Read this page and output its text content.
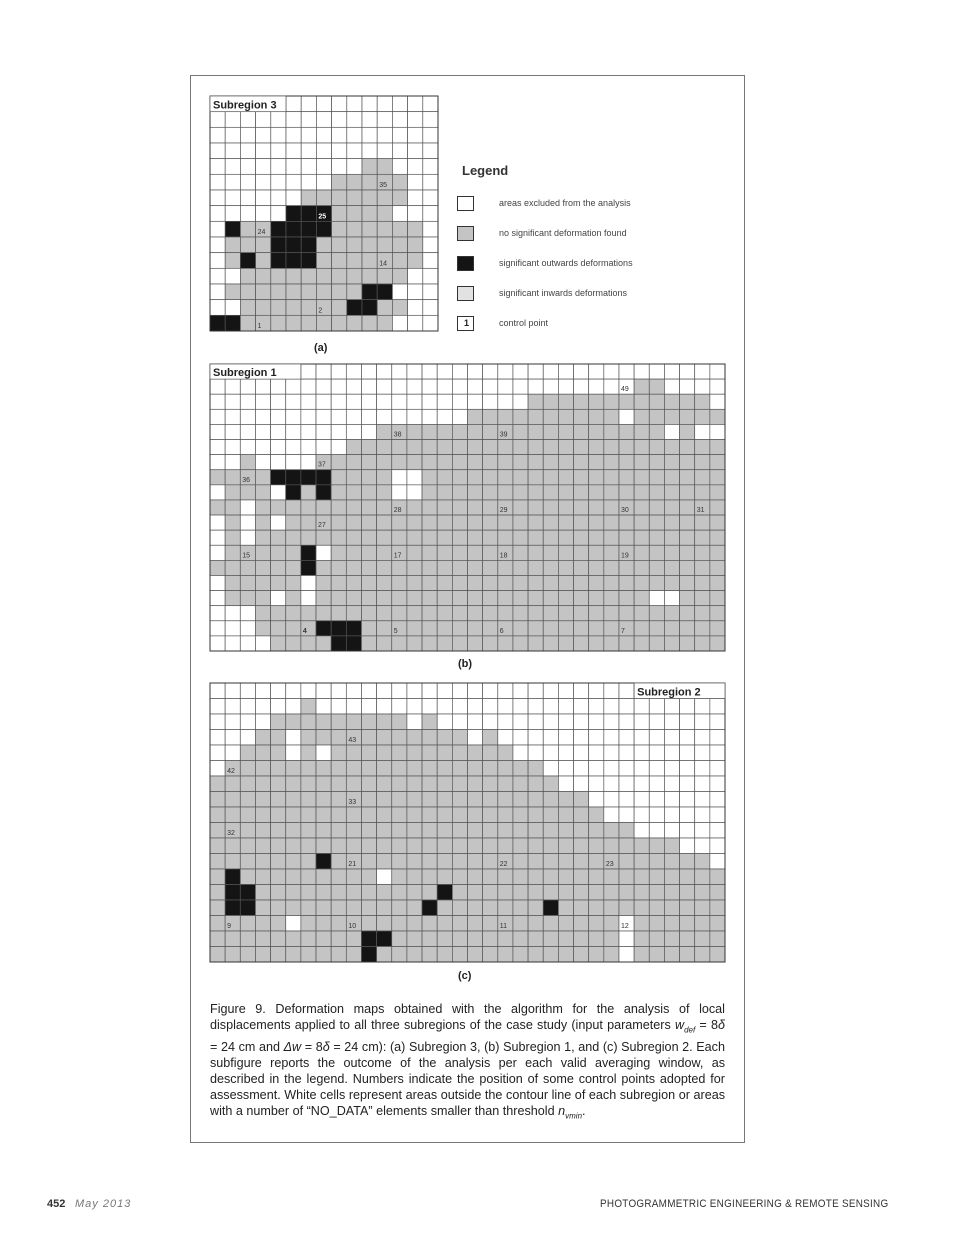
Subregion 3
35
25
24
14
2
1
Subregion 1
49
38	39
37
36
28	29	30	31
27
15	17	18	19
4	5	6	7
Subregion 2
43
42
33
32
21	22	23
9	10	11	12
(a)
(b)
(c)
Legend
areas excluded from the analysis
no significant deformation found
significant outwards deformations
significant inwards deformations
1	control point

Figure 9. Deformation maps obtained with the algorithm for the analysis of local displacements applied to all three subregions of the case study (input parameters $w_{def} = 8\delta = 24$ cm and Δw = 8δ = 24 cm): (a) Subregion 3, (b) Subregion 1, and (c) Subregion 2. Each subfigure reports the outcome of the analysis per each valid averaging window, as described in the legend. Numbers indicate the position of some control points adopted for assessment. White cells represent areas outside the contour line of each subregion or areas with a number of “NO_DATA” elements smaller than threshold $n_{vmin}$.

452 May 2013	PHOTOGRAMMETRIC ENGINEERING & REMOTE SENSING
